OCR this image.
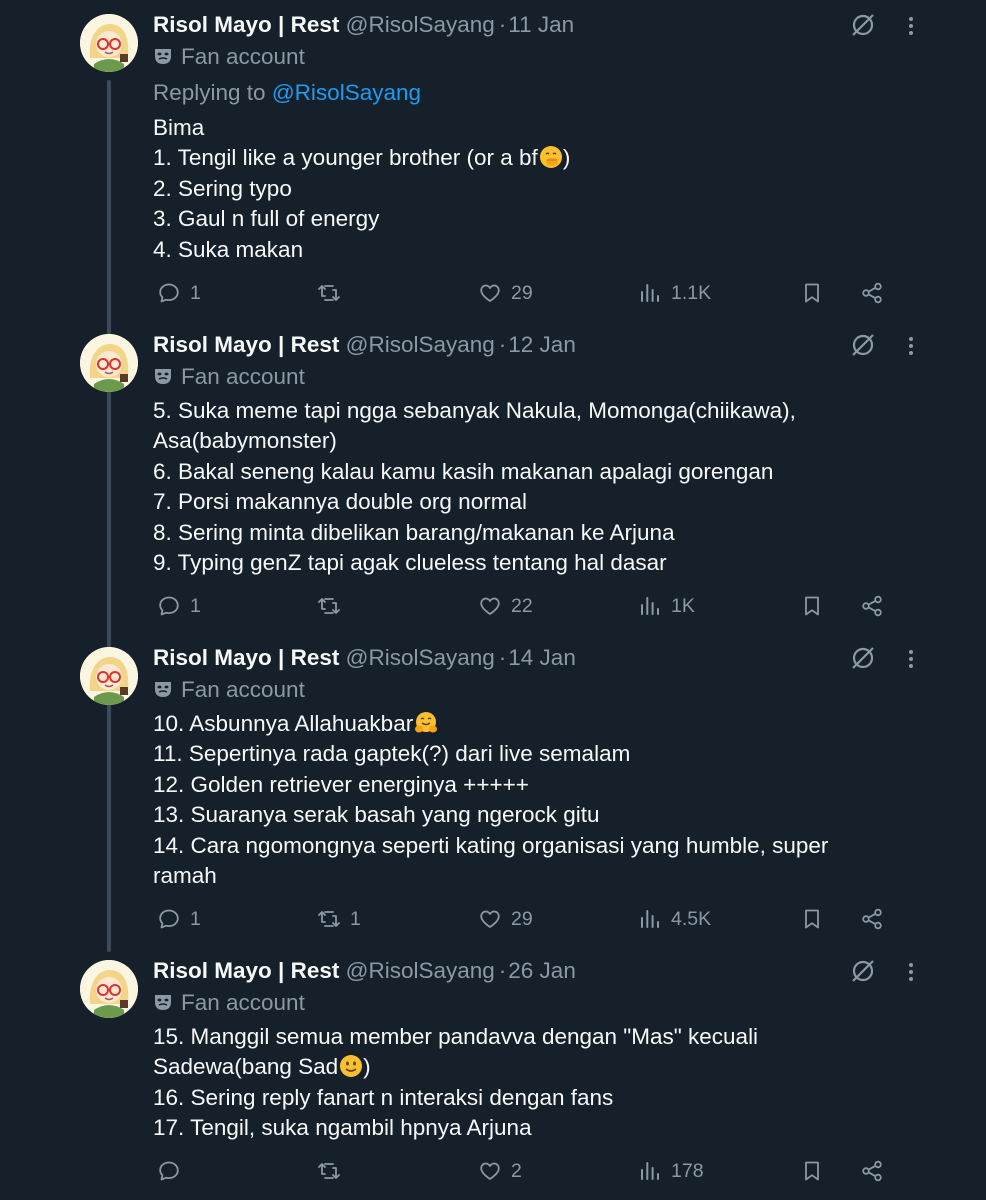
Risol Mayo | Rest @RisolSayang ·11 Jan
Fan account
Replying to @RisolSayang
Bima
1. Tengil like a younger brother (or a bf )
2. Sering typo
3. Gaul n full of energy
4. Suka makan
1	29	1.1K
Risol Mayo | Rest @RisolSayang ·12 Jan
Fan account
5. Suka meme tapi ngga sebanyak Nakula, Momonga(chiikawa),
Asa(babymonster)
6. Bakal seneng kalau kamu kasih makanan apalagi gorengan
7. Porsi makannya double org normal
8. Sering minta dibelikan barang/makanan ke Arjuna
9. Typing genZ tapi agak clueless tentang hal dasar
1	22	1K
Risol Mayo | Rest @RisolSayang ·14 Jan
Fan account
10. Asbunnya Allahuakbar
11. Sepertinya rada gaptek(?) dari live semalam
12. Golden retriever energinya +++++
13. Suaranya serak basah yang ngerock gitu
14. Cara ngomongnya seperti kating organisasi yang humble, super
ramah
1	1	29	4.5K
Risol Mayo | Rest @RisolSayang ·26 Jan
Fan account
15. Manggil semua member pandavva dengan "Mas" kecuali
Sadewa(bang Sad )
16. Sering reply fanart n interaksi dengan fans
17. Tengil, suka ngambil hpnya Arjuna
2	178
